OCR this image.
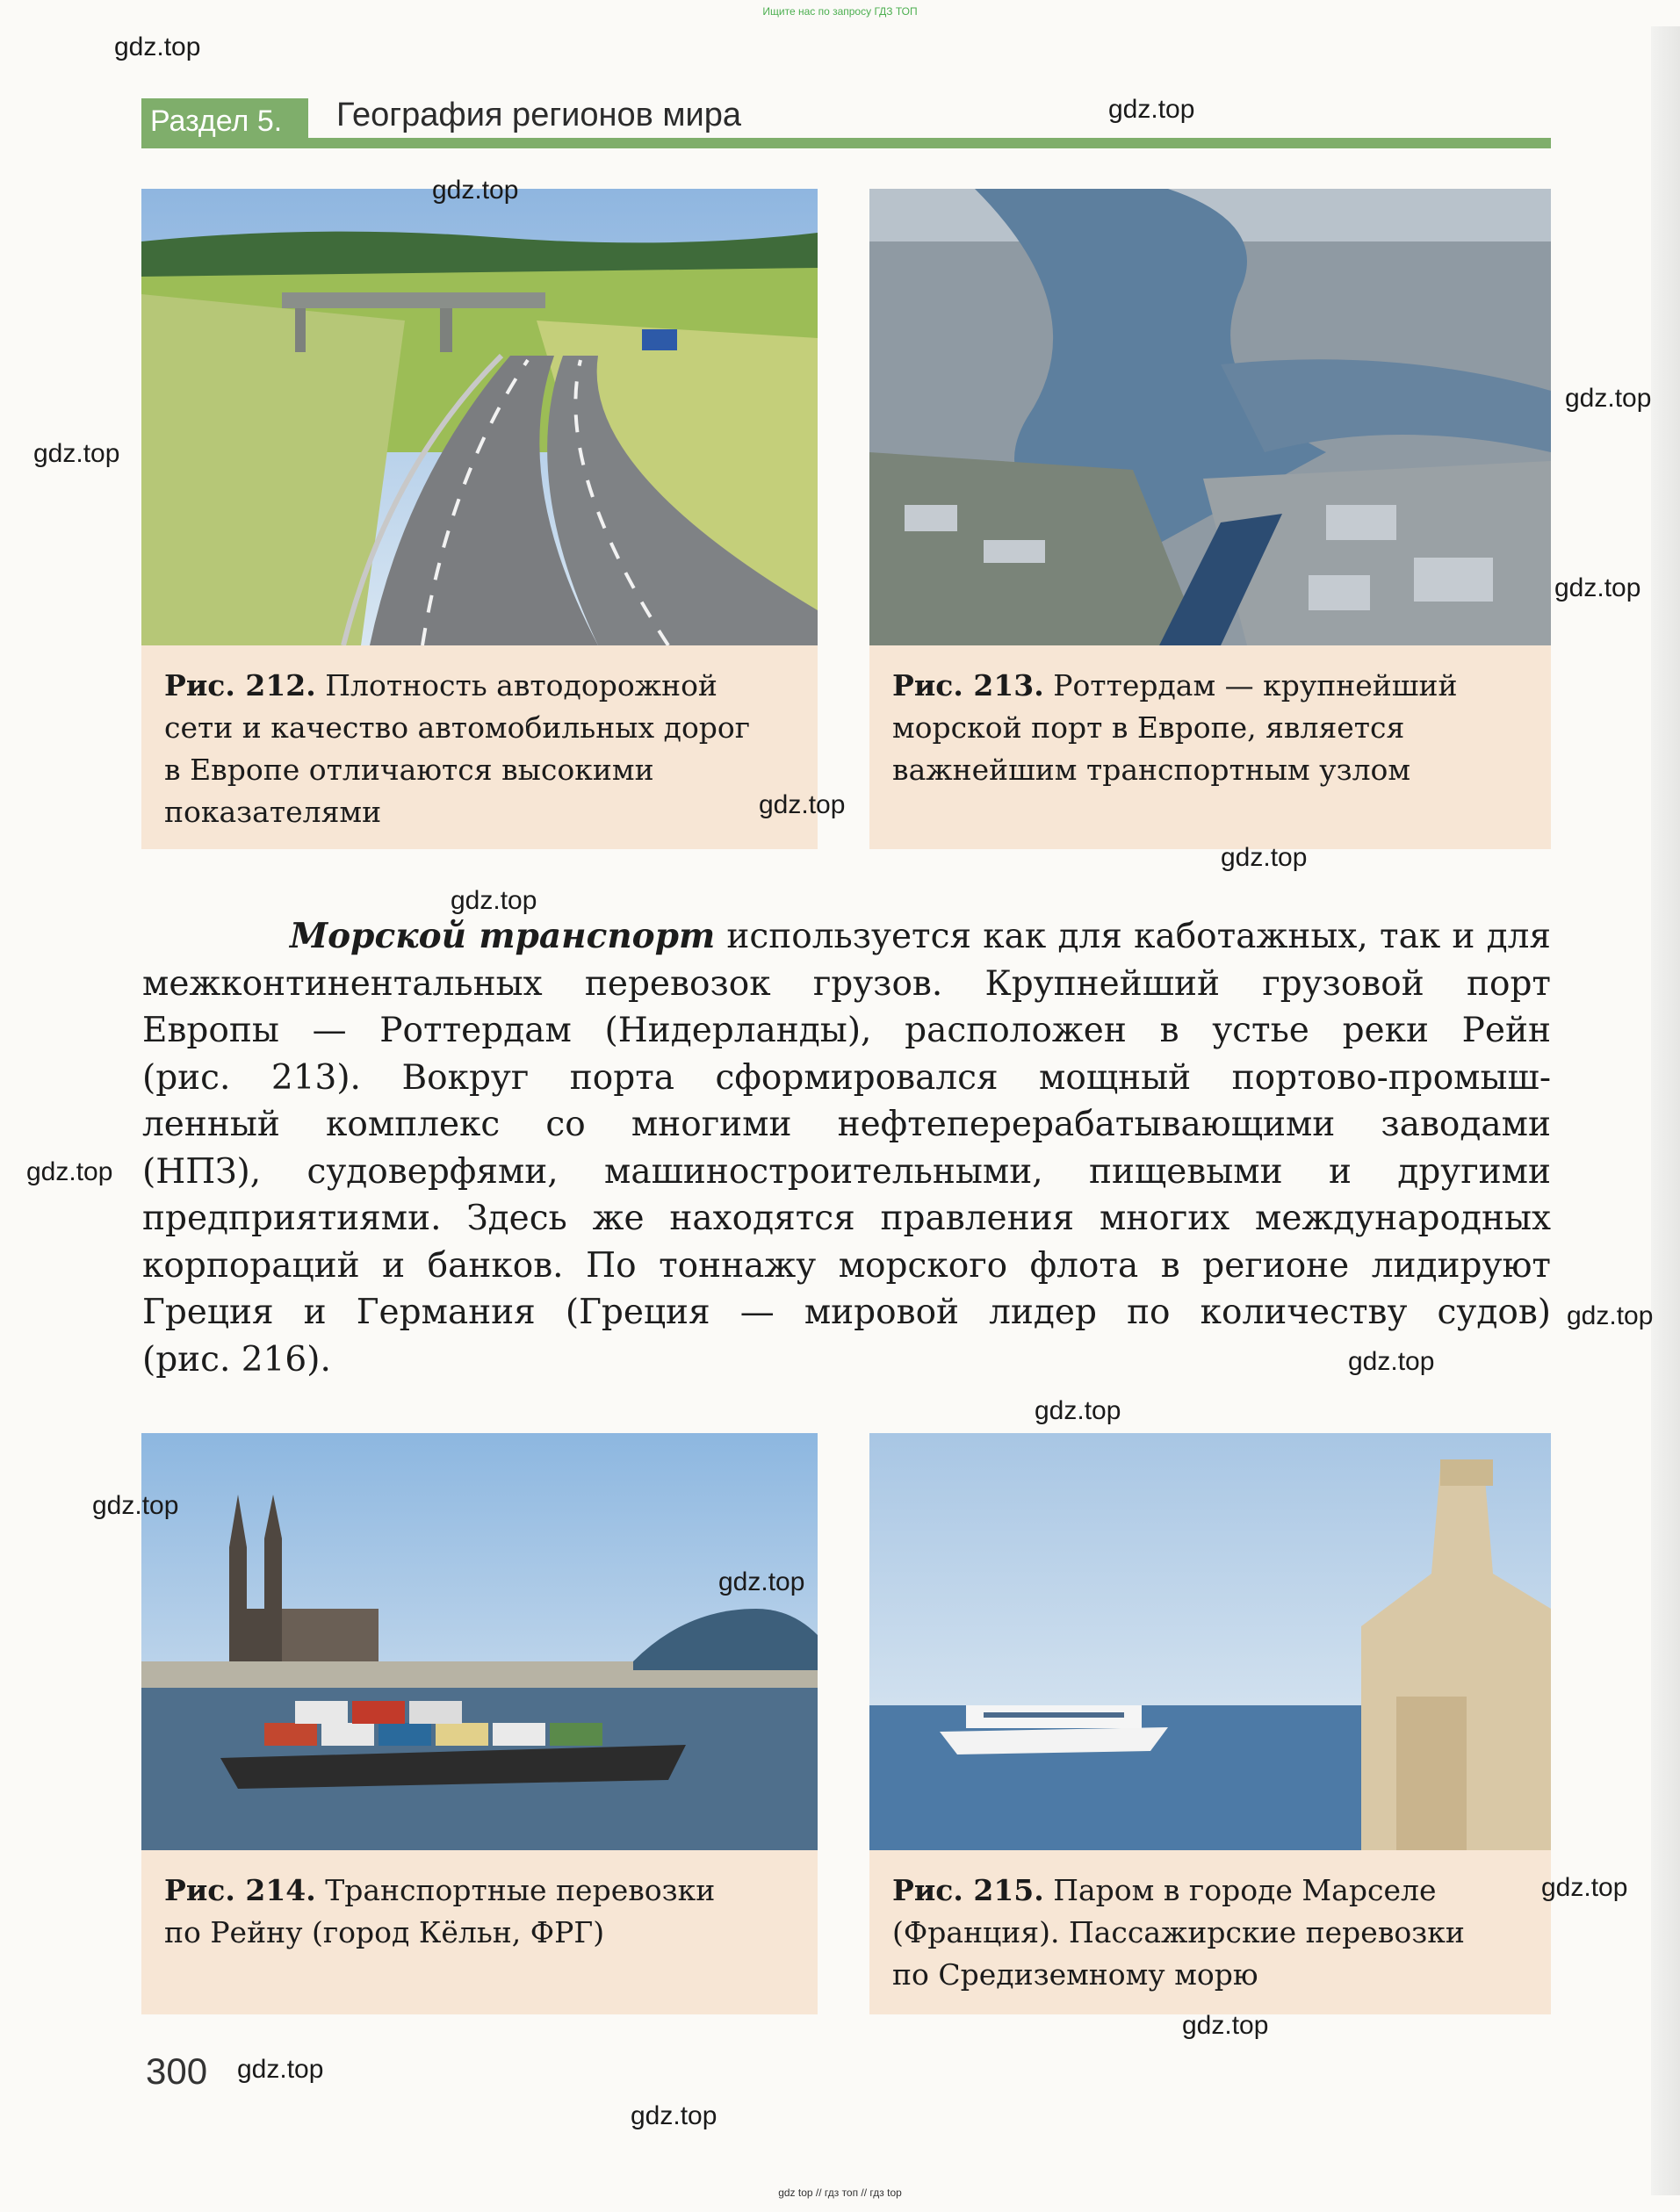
Ищите нас по запросу ГДЗ ТОП
Раздел 5.	География регионов мира
Рис. 212. Плотность автодорожной
сети и качество автомобильных дорог
в Европе отличаются высокими
показателями
Рис. 213. Роттердам — крупнейший
морской порт в Европе, является
важнейшим транспортным узлом
Морской транспорт используется как для каботажных, так и для
межконтинентальных перевозок грузов. Крупнейший грузовой порт
Европы — Роттердам (Нидерланды), расположен в устье реки Рейн
(рис. 213). Вокруг порта сформировался мощный портово-промыш-
ленный комплекс со многими нефтеперерабатывающими заводами
(НПЗ), судоверфями, машиностроительными, пищевыми и другими
предприятиями. Здесь же находятся правления многих международных
корпораций и банков. По тоннажу морского флота в регионе лидируют
Греция и Германия (Греция — мировой лидер по количеству судов)
(рис. 216).
Рис. 214. Транспортные перевозки
по Рейну (город Кёльн, ФРГ)
Рис. 215. Паром в городе Марселе
(Франция). Пассажирские перевозки
по Средиземному морю
300
gdz.top
gdz.top
gdz.top
gdz.top
gdz.top
gdz.top
gdz.top
gdz.top
gdz.top
gdz.top
gdz.top
gdz.top
gdz.top
gdz.top
gdz.top
gdz.top
gdz.top
gdz.top
gdz.top
gdz top // гдз топ // гдз top
